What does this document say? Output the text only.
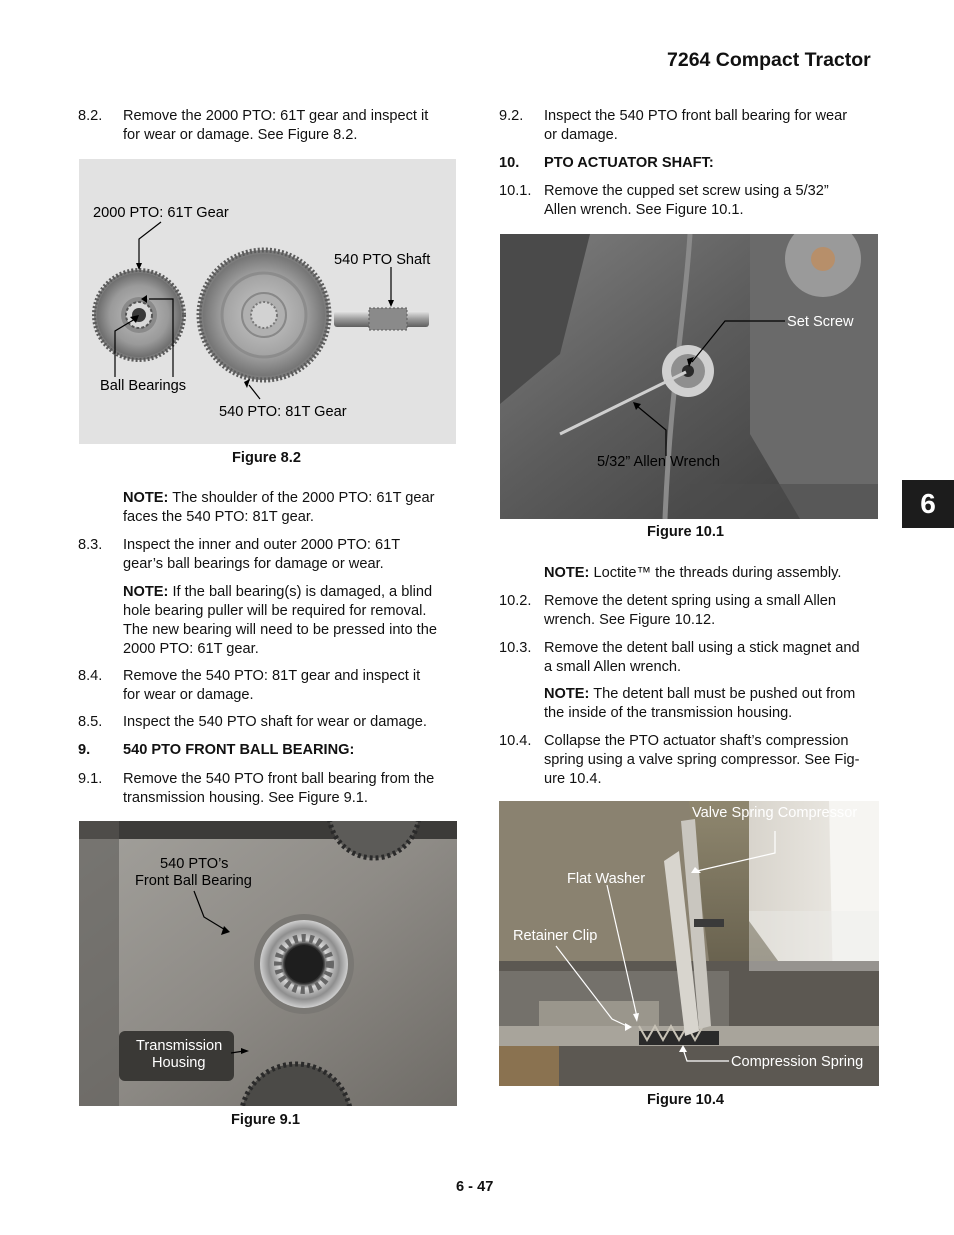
7264 Compact Tractor
6
8.2. Remove the 2000 PTO: 61T gear and inspect it
for wear or damage. See Figure 8.2.
2000 PTO: 61T Gear
540 PTO Shaft
Ball Bearings
540 PTO: 81T Gear
Figure 8.2
NOTE: The shoulder of the 2000 PTO: 61T gear
faces the 540 PTO: 81T gear.
8.3. Inspect the inner and outer 2000 PTO: 61T
gear’s ball bearings for damage or wear.
NOTE: If the ball bearing(s) is damaged, a blind
hole bearing puller will be required for removal.
The new bearing will need to be pressed into the
2000 PTO: 61T gear.
8.4. Remove the 540 PTO: 81T gear and inspect it
for wear or damage.
8.5. Inspect the 540 PTO shaft for wear or damage.
9. 540 PTO FRONT BALL BEARING:
9.1. Remove the 540 PTO front ball bearing from the
transmission housing. See Figure 9.1.
540 PTO’s
Front Ball Bearing
Transmission
Housing
Figure 9.1
9.2. Inspect the 540 PTO front ball bearing for wear
or damage.
10. PTO ACTUATOR SHAFT:
10.1. Remove the cupped set screw using a 5/32”
Allen wrench. See Figure 10.1.
Set Screw
5/32” Allen Wrench
Figure 10.1
NOTE: Loctite™ the threads during assembly.
10.2. Remove the detent spring using a small Allen
wrench. See Figure 10.12.
10.3. Remove the detent ball using a stick magnet and
a small Allen wrench.
NOTE: The detent ball must be pushed out from
the inside of the transmission housing.
10.4. Collapse the PTO actuator shaft’s compression
spring using a valve spring compressor. See Fig-
ure 10.4.
Valve Spring Compressor
Flat Washer
Retainer Clip
Compression Spring
Figure 10.4
6 - 47
